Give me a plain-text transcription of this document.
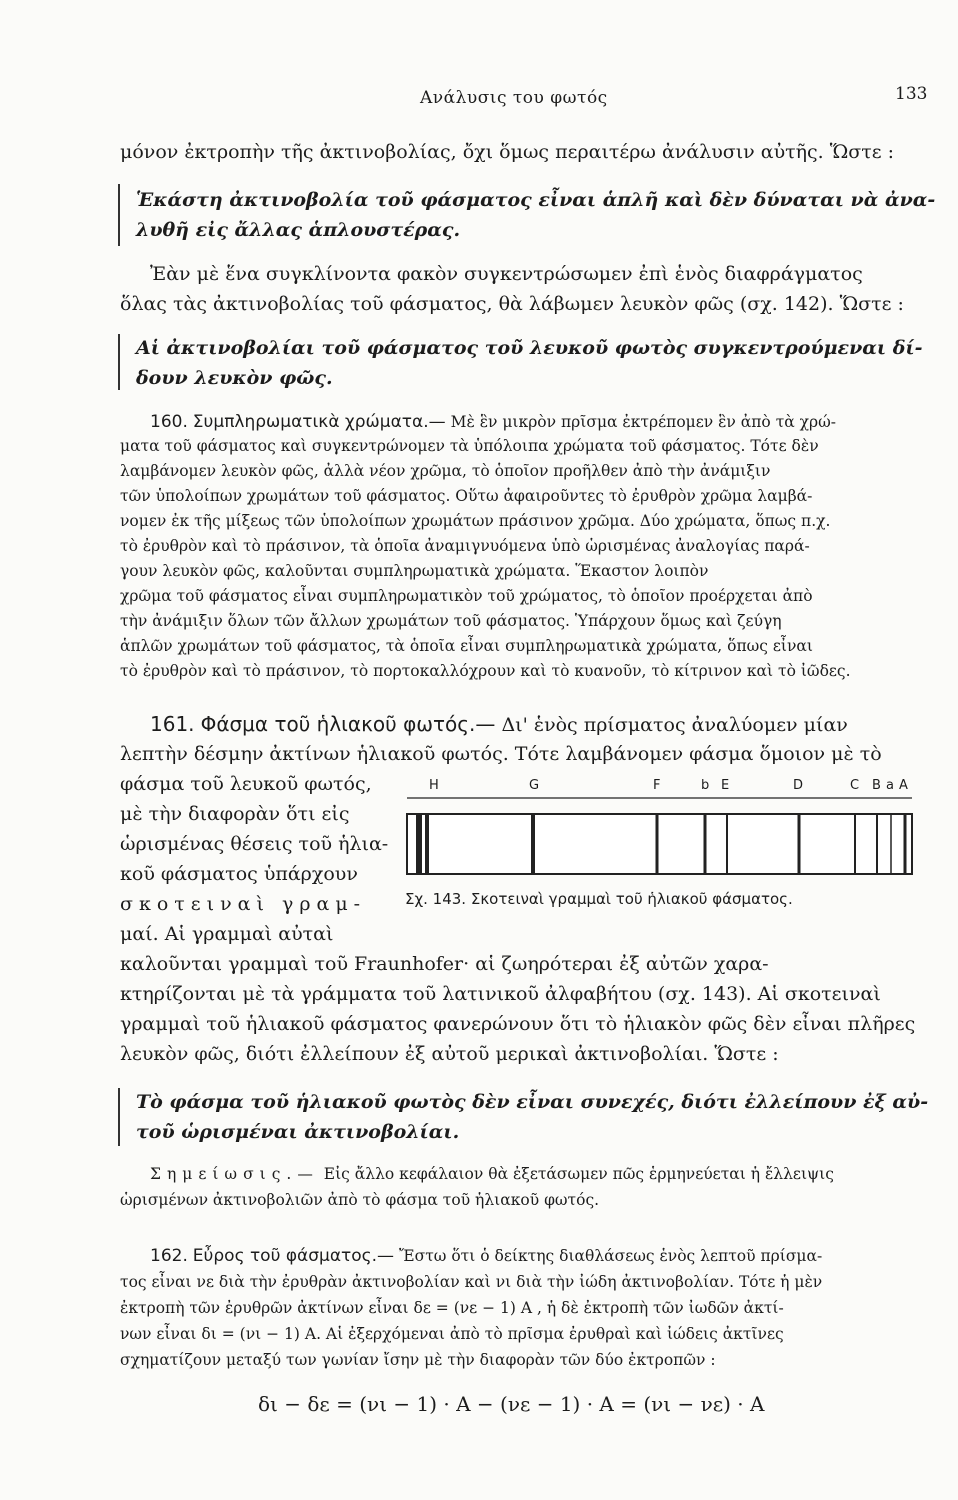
Ανάλυσις του φωτός	133
μόνον ἐκτροπὴν τῆς ἀκτινοβολίας, ὄχι ὅμως περαιτέρω ἀνάλυσιν αὐτῆς. Ὥστε :
Ἑκάστη ἀκτινοβολία τοῦ φάσματος εἶναι ἁπλῆ καὶ δὲν δύναται νὰ ἀνα-
λυθῆ εἰς ἄλλας ἁπλουστέρας.
Ἐὰν μὲ ἕνα συγκλίνοντα φακὸν συγκεντρώσωμεν ἐπὶ ἑνὸς διαφράγματος
ὅλας τὰς ἀκτινοβολίας τοῦ φάσματος, θὰ λάβωμεν λευκὸν φῶς (σχ. 142). Ὥστε :
Αἱ ἀκτινοβολίαι τοῦ φάσματος τοῦ λευκοῦ φωτὸς συγκεντρούμεναι δί-
δουν λευκὸν φῶς.
160. Συμπληρωματικὰ χρώματα.— Μὲ ἓν μικρὸν πρῖσμα ἐκτρέπομεν ἓν ἀπὸ τὰ χρώ-
ματα τοῦ φάσματος καὶ συγκεντρώνομεν τὰ ὑπόλοιπα χρώματα τοῦ φάσματος. Τότε δὲν
λαμβάνομεν λευκὸν φῶς, ἀλλὰ νέον χρῶμα, τὸ ὁποῖον προῆλθεν ἀπὸ τὴν ἀνάμιξιν
τῶν ὑπολοίπων χρωμάτων τοῦ φάσματος. Οὕτω ἀφαιροῦντες τὸ ἐρυθρὸν χρῶμα λαμβά-
νομεν ἐκ τῆς μίξεως τῶν ὑπολοίπων χρωμάτων πράσινον χρῶμα. Δύο χρώματα, ὅπως π.χ.
τὸ ἐρυθρὸν καὶ τὸ πράσινον, τὰ ὁποῖα ἀναμιγνυόμενα ὑπὸ ὡρισμένας ἀναλογίας παρά-
γουν λευκὸν φῶς, καλοῦνται συμπληρωματικὰ χρώματα. Ἕκαστον λοιπὸν
χρῶμα τοῦ φάσματος εἶναι συμπληρωματικὸν τοῦ χρώματος, τὸ ὁποῖον προέρχεται ἀπὸ
τὴν ἀνάμιξιν ὅλων τῶν ἄλλων χρωμάτων τοῦ φάσματος. Ὑπάρχουν ὅμως καὶ ζεύγη
ἁπλῶν χρωμάτων τοῦ φάσματος, τὰ ὁποῖα εἶναι συμπληρωματικὰ χρώματα, ὅπως εἶναι
τὸ ἐρυθρὸν καὶ τὸ πράσινον, τὸ πορτοκαλλόχρουν καὶ τὸ κυανοῦν, τὸ κίτρινον καὶ τὸ ἰῶδες.
161. Φάσμα τοῦ ἡλιακοῦ φωτός.— Δι' ἑνὸς πρίσματος ἀναλύομεν μίαν
λεπτὴν δέσμην ἀκτίνων ἡλιακοῦ φωτός. Τότε λαμβάνομεν φάσμα ὅμοιον μὲ τὸ
φάσμα τοῦ λευκοῦ φωτός,
μὲ τὴν διαφορὰν ὅτι εἰς
ὡρισμένας θέσεις τοῦ ἡλια-
κοῦ φάσματος ὑπάρχουν
σκοτειναὶ γραμ-
μαί. Αἱ γραμμαὶ αὐταὶ
H	G	F	b E	D	C B a A
Σχ. 143. Σκοτειναὶ γραμμαὶ τοῦ ἡλιακοῦ φάσματος.
καλοῦνται γραμμαὶ τοῦ Fraunhofer· αἱ ζωηρότεραι ἐξ αὐτῶν χαρα-
κτηρίζονται μὲ τὰ γράμματα τοῦ λατινικοῦ ἀλφαβήτου (σχ. 143). Αἱ σκοτειναὶ
γραμμαὶ τοῦ ἡλιακοῦ φάσματος φανερώνουν ὅτι τὸ ἡλιακὸν φῶς δὲν εἶναι πλῆρες
λευκὸν φῶς, διότι ἐλλείπουν ἐξ αὐτοῦ μερικαὶ ἀκτινοβολίαι. Ὥστε :
Τὸ φάσμα τοῦ ἡλιακοῦ φωτὸς δὲν εἶναι συνεχές, διότι ἐλλείπουν ἐξ αὐ-
τοῦ ὡρισμέναι ἀκτινοβολίαι.
Σημείωσις.— Εἰς ἄλλο κεφάλαιον θὰ ἐξετάσωμεν πῶς ἑρμηνεύεται ἡ ἔλλειψις
ὡρισμένων ἀκτινοβολιῶν ἀπὸ τὸ φάσμα τοῦ ἡλιακοῦ φωτός.
162. Εὖρος τοῦ φάσματος.— Ἔστω ὅτι ὁ δείκτης διαθλάσεως ἑνὸς λεπτοῦ πρίσμα-
τος εἶναι νε διὰ τὴν ἐρυθρὰν ἀκτινοβολίαν καὶ νι διὰ τὴν ἰώδη ἀκτινοβολίαν. Τότε ἡ μὲν
ἐκτροπὴ τῶν ἐρυθρῶν ἀκτίνων εἶναι δε = (νε − 1) A , ἡ δὲ ἐκτροπὴ τῶν ἰωδῶν ἀκτί-
νων εἶναι δι = (νι − 1) A. Αἱ ἐξερχόμεναι ἀπὸ τὸ πρῖσμα ἐρυθραὶ καὶ ἰώδεις ἀκτῖνες
σχηματίζουν μεταξύ των γωνίαν ἴσην μὲ τὴν διαφορὰν τῶν δύο ἐκτροπῶν :
δι − δε = (νι − 1) · A − (νε − 1) · A = (νι − νε) · A
